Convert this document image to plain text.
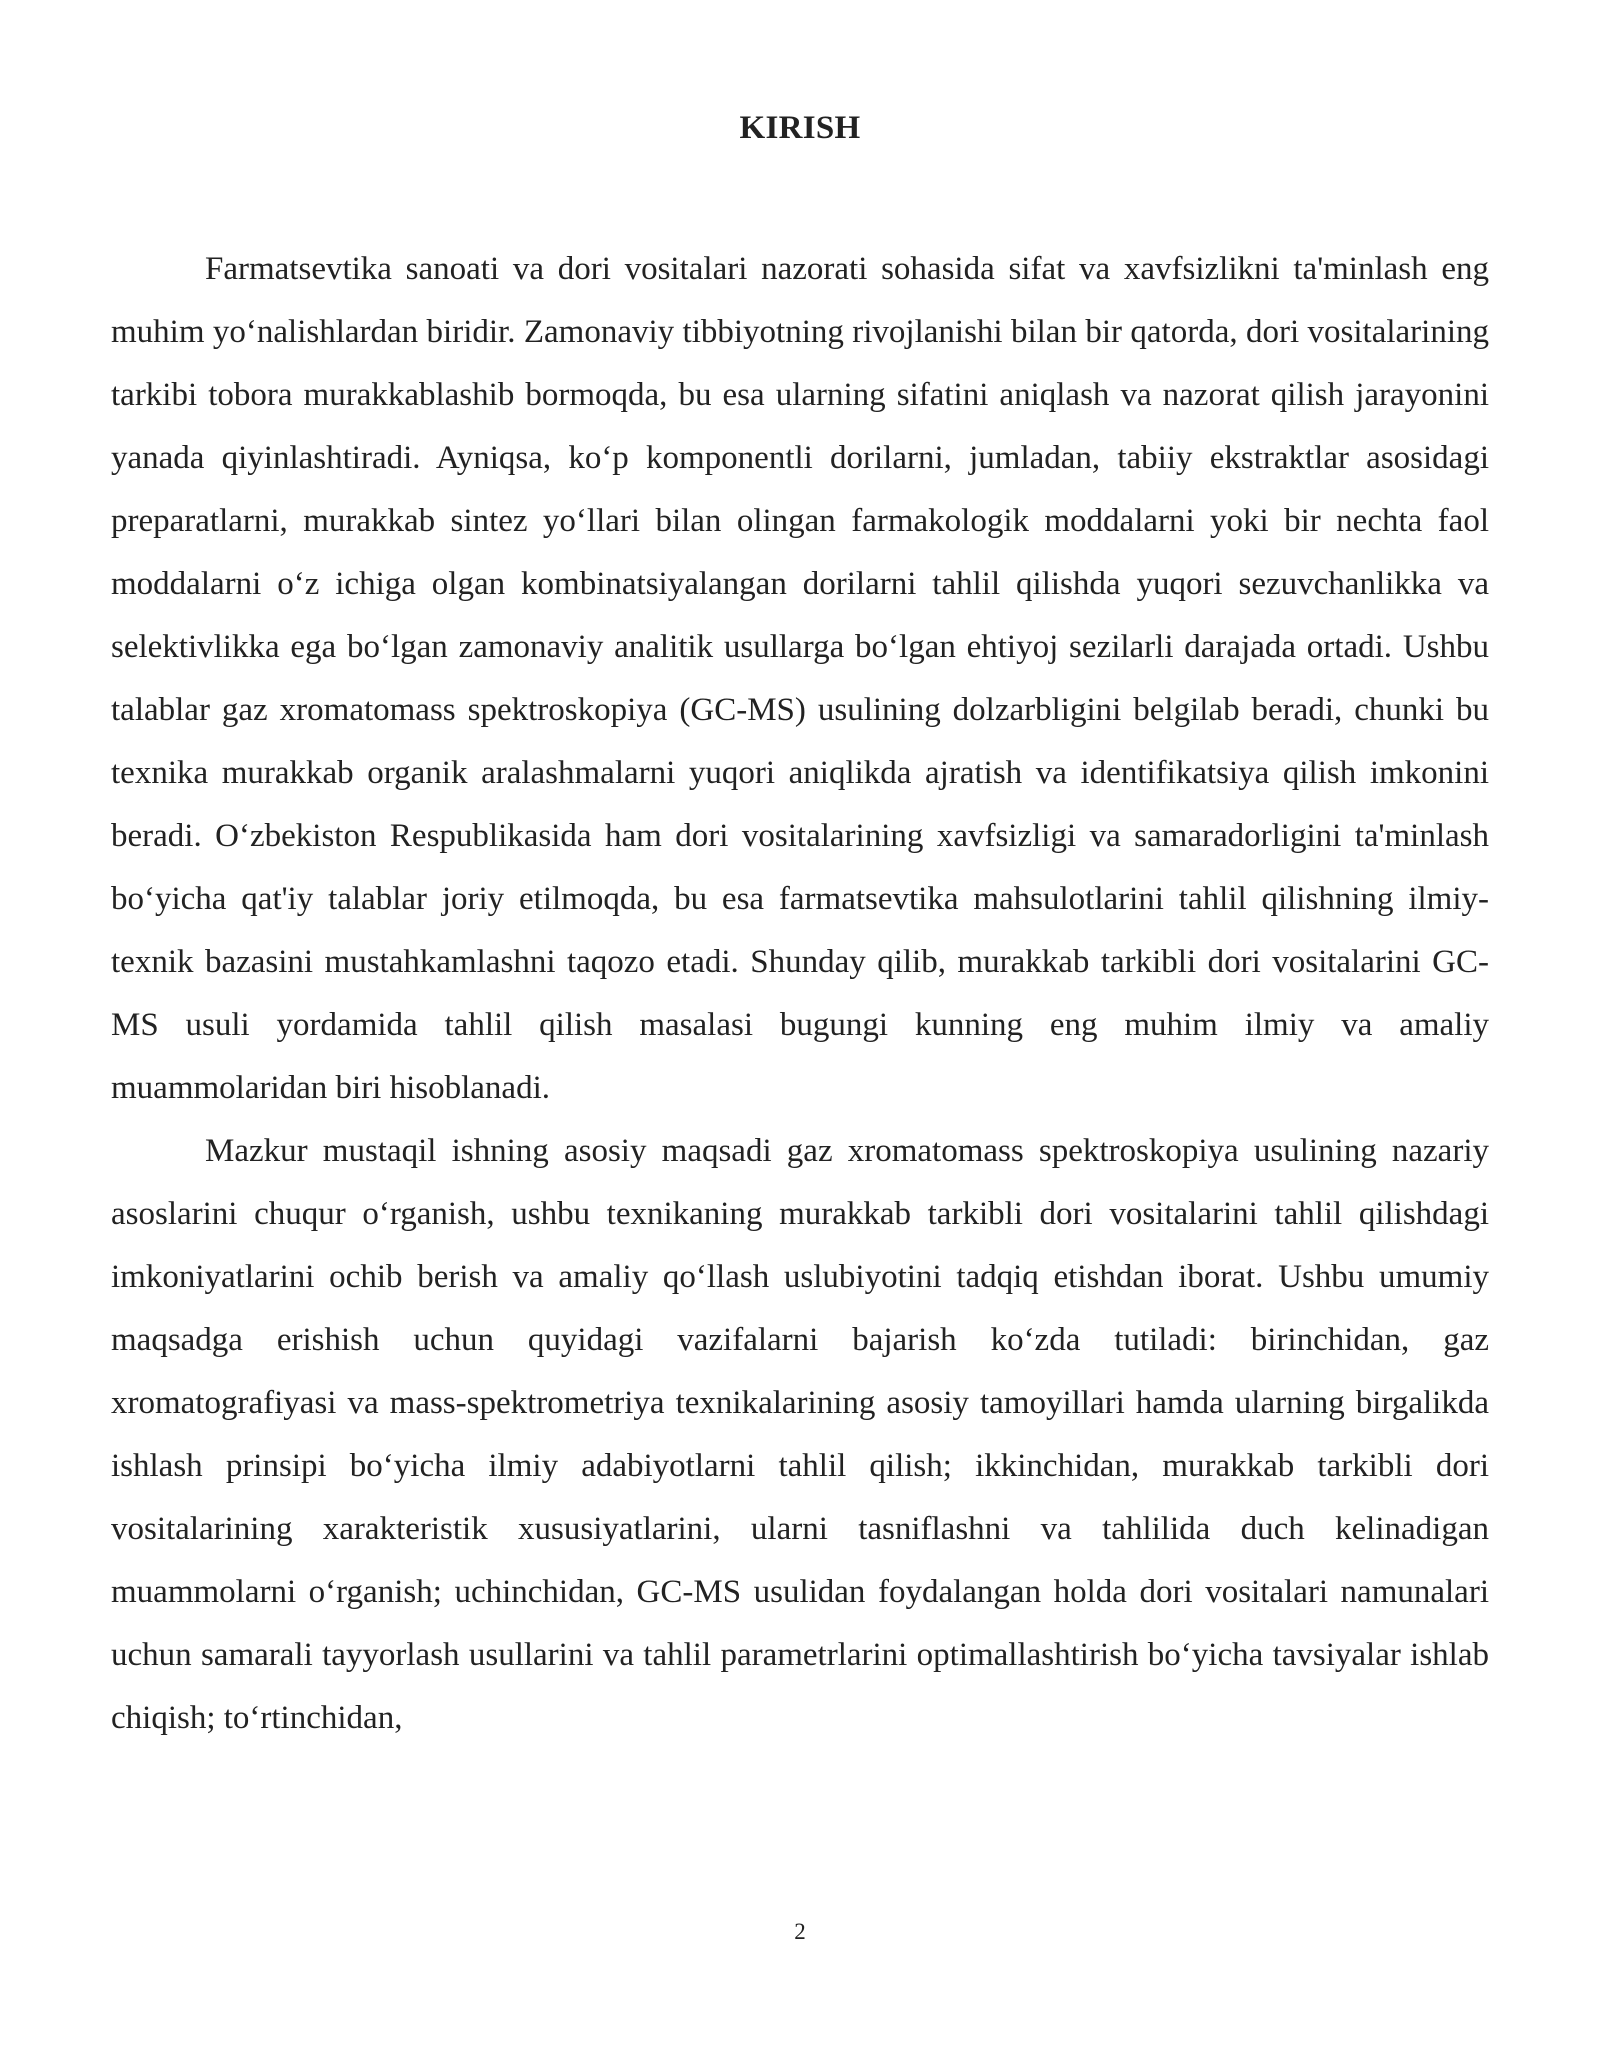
KIRISH

Farmatsevtika sanoati va dori vositalari nazorati sohasida sifat va xavfsizlikni ta'minlash eng muhim yo‘nalishlardan biridir. Zamonaviy tibbiyotning rivojlanishi bilan bir qatorda, dori vositalarining tarkibi tobora murakkablashib bormoqda, bu esa ularning sifatini aniqlash va nazorat qilish jarayonini yanada qiyinlashtiradi. Ayniqsa, ko‘p komponentli dorilarni, jumladan, tabiiy ekstraktlar asosidagi preparatlarni, murakkab sintez yo‘llari bilan olingan farmakologik moddalarni yoki bir nechta faol moddalarni o‘z ichiga olgan kombinatsiyalangan dorilarni tahlil qilishda yuqori sezuvchanlikka va selektivlikka ega bo‘lgan zamonaviy analitik usullarga bo‘lgan ehtiyoj sezilarli darajada ortadi. Ushbu talablar gaz xromatomass spektroskopiya (GC-MS) usulining dolzarbligini belgilab beradi, chunki bu texnika murakkab organik aralashmalarni yuqori aniqlikda ajratish va identifikatsiya qilish imkonini beradi. O‘zbekiston Respublikasida ham dori vositalarining xavfsizligi va samaradorligini ta'minlash bo‘yicha qat'iy talablar joriy etilmoqda, bu esa farmatsevtika mahsulotlarini tahlil qilishning ilmiy-texnik bazasini mustahkamlashni taqozo etadi. Shunday qilib, murakkab tarkibli dori vositalarini GC-MS usuli yordamida tahlil qilish masalasi bugungi kunning eng muhim ilmiy va amaliy muammolaridan biri hisoblanadi.

Mazkur mustaqil ishning asosiy maqsadi gaz xromatomass spektroskopiya usulining nazariy asoslarini chuqur o‘rganish, ushbu texnikaning murakkab tarkibli dori vositalarini tahlil qilishdagi imkoniyatlarini ochib berish va amaliy qo‘llash uslubiyotini tadqiq etishdan iborat. Ushbu umumiy maqsadga erishish uchun quyidagi vazifalarni bajarish ko‘zda tutiladi: birinchidan, gaz xromatografiyasi va mass-spektrometriya texnikalarining asosiy tamoyillari hamda ularning birgalikda ishlash prinsipi bo‘yicha ilmiy adabiyotlarni tahlil qilish; ikkinchidan, murakkab tarkibli dori vositalarining xarakteristik xususiyatlarini, ularni tasniflashni va tahlilida duch kelinadigan muammolarni o‘rganish; uchinchidan, GC-MS usulidan foydalangan holda dori vositalari namunalari uchun samarali tayyorlash usullarini va tahlil parametrlarini optimallashtirish bo‘yicha tavsiyalar ishlab chiqish; to‘rtinchidan,

2
